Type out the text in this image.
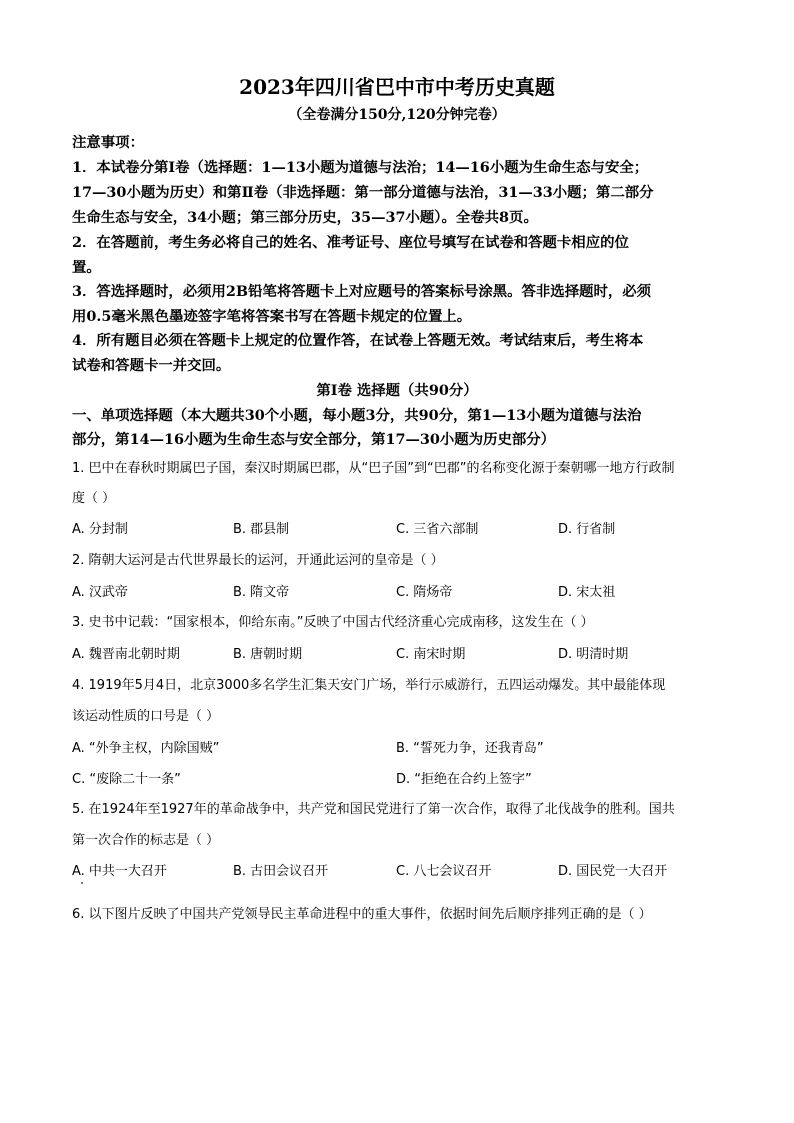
2023年四川省巴中市中考历史真题
（全卷满分150分,120分钟完卷）
注意事项：
1．本试卷分第Ⅰ卷（选择题：1—13小题为道德与法治；14—16小题为生命生态与安全；
17—30小题为历史）和第Ⅱ卷（非选择题：第一部分道德与法治，31—33小题；第二部分
生命生态与安全，34小题；第三部分历史，35—37小题）。全卷共8页。
2．在答题前，考生务必将自己的姓名、准考证号、座位号填写在试卷和答题卡相应的位
置。
3．答选择题时，必须用2B铅笔将答题卡上对应题号的答案标号涂黑。答非选择题时，必须
用0.5毫米黑色墨迹签字笔将答案书写在答题卡规定的位置上。
4．所有题目必须在答题卡上规定的位置作答，在试卷上答题无效。考试结束后，考生将本
试卷和答题卡一并交回。
第Ⅰ卷 选择题（共90分）
一、单项选择题（本大题共30个小题，每小题3分，共90分，第1—13小题为道德与法治
部分，第14—16小题为生命生态与安全部分，第17—30小题为历史部分）
1. 巴中在春秋时期属巴子国，秦汉时期属巴郡，从“巴子国”到“巴郡”的名称变化源于秦朝哪一地方行政制
度（ ）
A. 分封制	B. 郡县制	C. 三省六部制	D. 行省制
2. 隋朝大运河是古代世界最长的运河，开通此运河的皇帝是（ ）
A. 汉武帝	B. 隋文帝	C. 隋炀帝	D. 宋太祖
3. 史书中记载：“国家根本，仰给东南。”反映了中国古代经济重心完成南移，这发生在（ ）
A. 魏晋南北朝时期	B. 唐朝时期	C. 南宋时期	D. 明清时期
4. 1919年5月4日，北京3000多名学生汇集天安门广场，举行示威游行，五四运动爆发。其中最能体现
该运动性质的口号是（ ）
A. “外争主权，内除国贼”	B. “誓死力争，还我青岛”
C. “废除二十一条”	D. “拒绝在合约上签字”
5. 在1924年至1927年的革命战争中，共产党和国民党进行了第一次合作，取得了北伐战争的胜利。国共
第一次合作的标志是（ ）
A. 中共一大召开	B. 古田会议召开	C. 八七会议召开	D. 国民党一大召开
6. 以下图片反映了中国共产党领导民主革命进程中的重大事件，依据时间先后顺序排列正确的是（ ）
